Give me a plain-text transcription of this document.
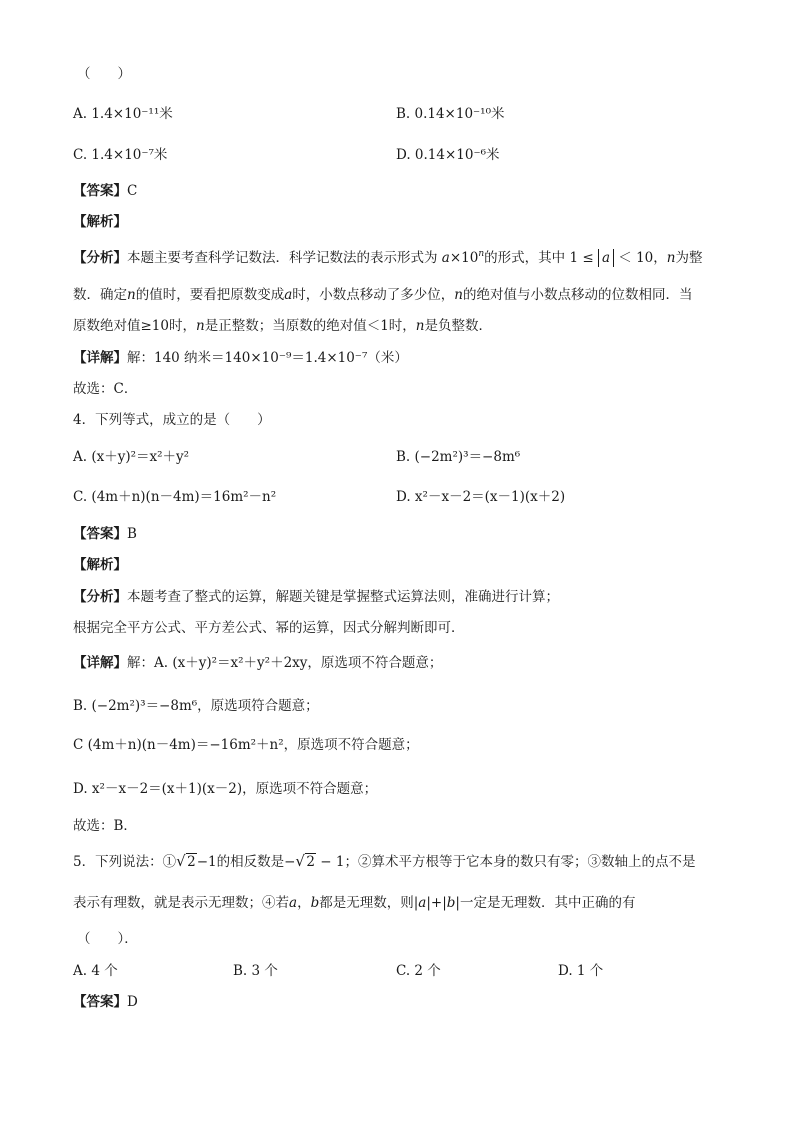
（　　）
A. 1.4×10⁻¹¹米	B. 0.14×10⁻¹⁰米
C. 1.4×10⁻⁷米	D. 0.14×10⁻⁶米
【答案】C
【解析】
【分析】本题主要考查科学记数法．科学记数法的表示形式为 $a\times 10^n$的形式，其中 1 ≤ a ＜ 10，n为整
数．确定n的值时，要看把原数变成a时，小数点移动了多少位，n的绝对值与小数点移动的位数相同．当
原数绝对值≥10时，n是正整数；当原数的绝对值＜1时，n是负整数．
【详解】解：140 纳米＝140×10⁻⁹＝1.4×10⁻⁷（米）
故选：C．
4．下列等式，成立的是（　　）
A. (x＋y)²＝x²＋y²	B. (−2m²)³＝−8m⁶
C. (4m＋n)(n－4m)＝16m²－n²	D. x²－x－2＝(x－1)(x＋2)
【答案】B
【解析】
【分析】本题考查了整式的运算，解题关键是掌握整式运算法则，准确进行计算；
根据完全平方公式、平方差公式、幂的运算，因式分解判断即可．
【详解】解：A. (x＋y)²＝x²＋y²＋2xy，原选项不符合题意；
B. (−2m²)³＝−8m⁶，原选项符合题意；
C (4m＋n)(n－4m)＝−16m²＋n²，原选项不符合题意；
D. x²－x－2＝(x＋1)(x－2)，原选项不符合题意；
故选：B．
5．下列说法：① √ 2−1的相反数是− √ 2 − 1；②算术平方根等于它本身的数只有零；③数轴上的点不是
表示有理数，就是表示无理数；④若a，b都是无理数，则|a|+|b|一定是无理数．其中正确的有
（　　）．
A. 4 个	B. 3 个	C. 2 个	D. 1 个
【答案】D
